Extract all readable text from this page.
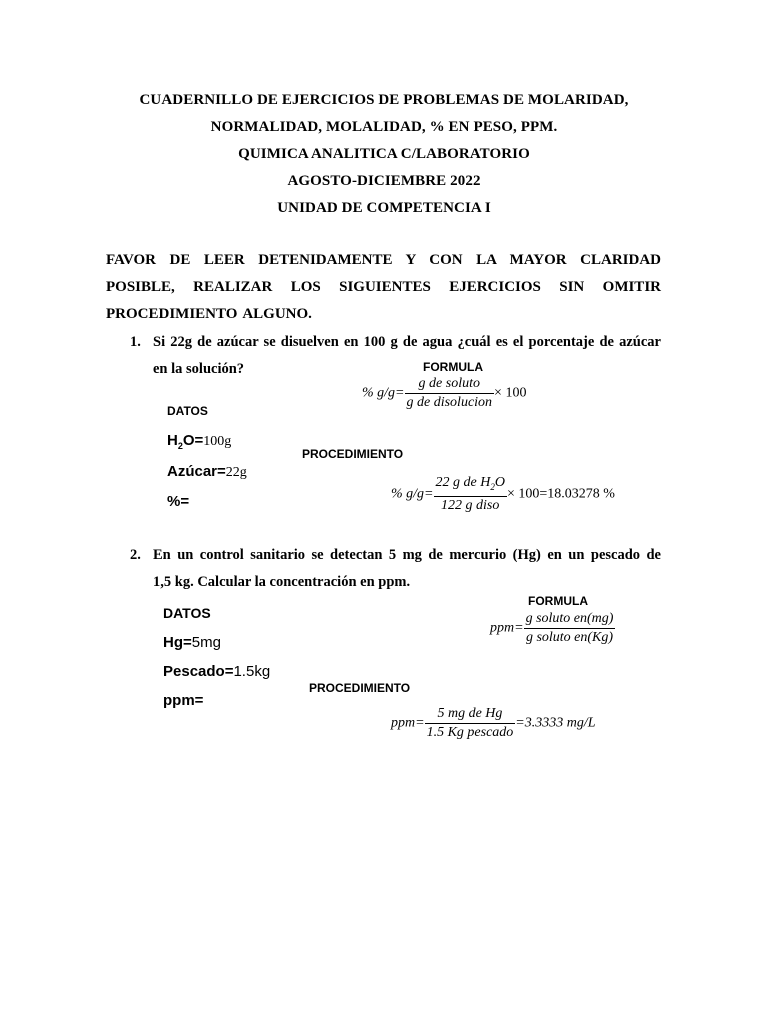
CUADERNILLO DE EJERCICIOS DE PROBLEMAS DE MOLARIDAD,
NORMALIDAD, MOLALIDAD, % EN PESO, PPM.
QUIMICA ANALITICA C/LABORATORIO
AGOSTO-DICIEMBRE 2022
UNIDAD DE COMPETENCIA I
FAVOR DE LEER DETENIDAMENTE Y CON LA MAYOR CLARIDAD
POSIBLE, REALIZAR LOS SIGUIENTES EJERCICIOS SIN OMITIR
PROCEDIMIENTO ALGUNO.
1. Si 22g de azúcar se disuelven en 100 g de agua ¿cuál es el porcentaje de azúcar
en la solución?	FORMULA
% $g/g= \frac{\text{g de soluto}}{\text{g de disolucion}} \times 100$
DATOS
$H_2O=100g$
Azúcar=22g
%=
PROCEDIMIENTO
% $g/g= \frac{22 g de H_2O}{\text{122 g diso}} \times 100=18.03278$ %
2. En un control sanitario se detectan 5 mg de mercurio (Hg) en un pescado de
1,5 kg. Calcular la concentración en ppm.
FORMULA
$ppm= \frac{\text{g soluto en(mg)}}{\text{g soluto en(Kg)}}$
DATOS
Hg=5mg
Pescado=1.5kg
ppm=
PROCEDIMIENTO
$ppm= \frac{\text{5 mg de Hg}}{\text{1.5 Kg pescado}} =3.3333$ mg/L
